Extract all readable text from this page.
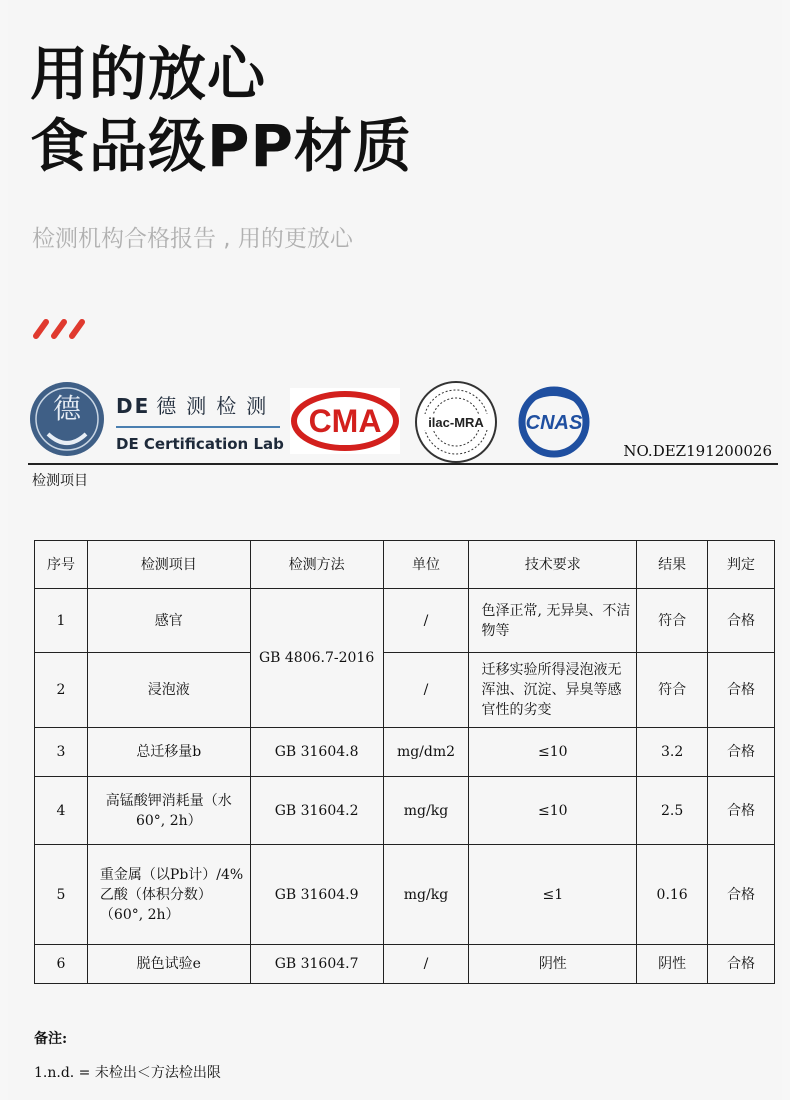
用的放心
食品级PP材质
检测机构合格报告 , 用的更放心
德 DE 德测检测
DE Certification Lab
CMA	ilac-MRA CNAS
NO.DEZ191200026
检测项目
序号	检测项目	检测方法	单位	技术要求	结果	判定
1	感官	GB 4806.7-2016	/	色泽正常, 无异臭、不洁物等	符合	合格
2	浸泡液		/	迁移实验所得浸泡液无浑浊、沉淀、异臭等感官性的劣变	符合	合格
3	总迁移量b	GB 31604.8	mg/dm2	≤10	3.2	合格
4	高锰酸钾消耗量（水 60°, 2h）	GB 31604.2	mg/kg	≤10	2.5	合格
5	重金属（以Pb计）/4%乙酸（体积分数）（60°, 2h）	GB 31604.9	mg/kg	≤1	0.16	合格
6	脱色试验e	GB 31604.7	/	阴性	阴性	合格
备注:
1.n.d. = 未检出＜方法检出限
